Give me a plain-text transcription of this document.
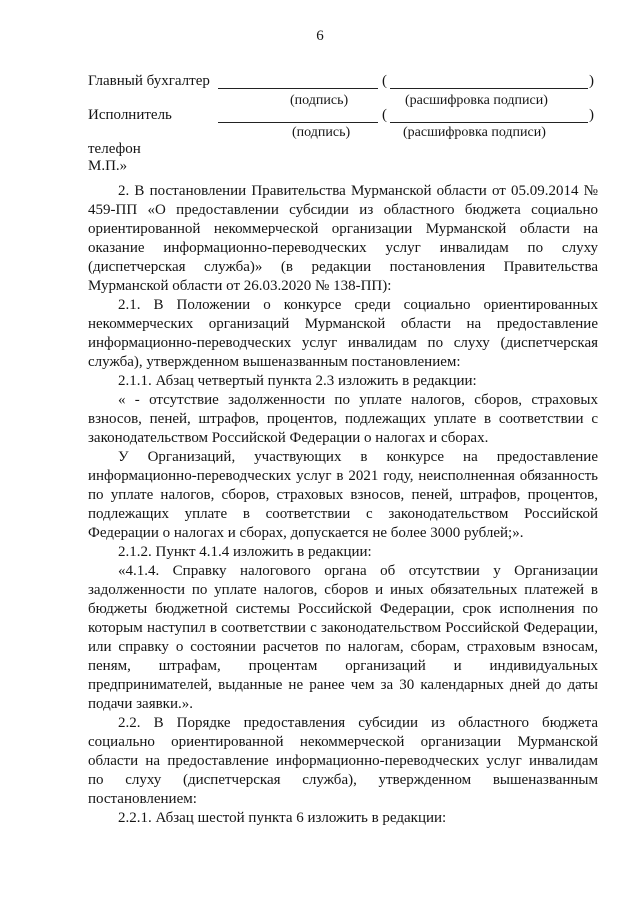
6
Главный бухгалтер	(	)
(подпись)	(расшифровка подписи)
Исполнитель	(	)
(подпись)	(расшифровка подписи)
телефон
М.П.»

2. В постановлении Правительства Мурманской области от 05.09.2014 № 459-ПП «О предоставлении субсидии из областного бюджета социально ориентированной некоммерческой организации Мурманской области на оказание информационно-переводческих услуг инвалидам по слуху (диспетчерская служба)» (в редакции постановления Правительства Мурманской области от 26.03.2020 № 138-ПП):

2.1. В Положении о конкурсе среди социально ориентированных некоммерческих организаций Мурманской области на предоставление информационно-переводческих услуг инвалидам по слуху (диспетчерская служба), утвержденном вышеназванным постановлением:

2.1.1. Абзац четвертый пункта 2.3 изложить в редакции:

« - отсутствие задолженности по уплате налогов, сборов, страховых взносов, пеней, штрафов, процентов, подлежащих уплате в соответствии с законодательством Российской Федерации о налогах и сборах.

У Организаций, участвующих в конкурсе на предоставление информационно-переводческих услуг в 2021 году, неисполненная обязанность по уплате налогов, сборов, страховых взносов, пеней, штрафов, процентов, подлежащих уплате в соответствии с законодательством Российской Федерации о налогах и сборах, допускается не более 3000 рублей;».

2.1.2. Пункт 4.1.4 изложить в редакции:

«4.1.4. Справку налогового органа об отсутствии у Организации задолженности по уплате налогов, сборов и иных обязательных платежей в бюджеты бюджетной системы Российской Федерации, срок исполнения по которым наступил в соответствии с законодательством Российской Федерации, или справку о состоянии расчетов по налогам, сборам, страховым взносам, пеням, штрафам, процентам организаций и индивидуальных предпринимателей, выданные не ранее чем за 30 календарных дней до даты подачи заявки.».

2.2. В Порядке предоставления субсидии из областного бюджета социально ориентированной некоммерческой организации Мурманской области на предоставление информационно-переводческих услуг инвалидам по слуху (диспетчерская служба), утвержденном вышеназванным постановлением:

2.2.1. Абзац шестой пункта 6 изложить в редакции:
